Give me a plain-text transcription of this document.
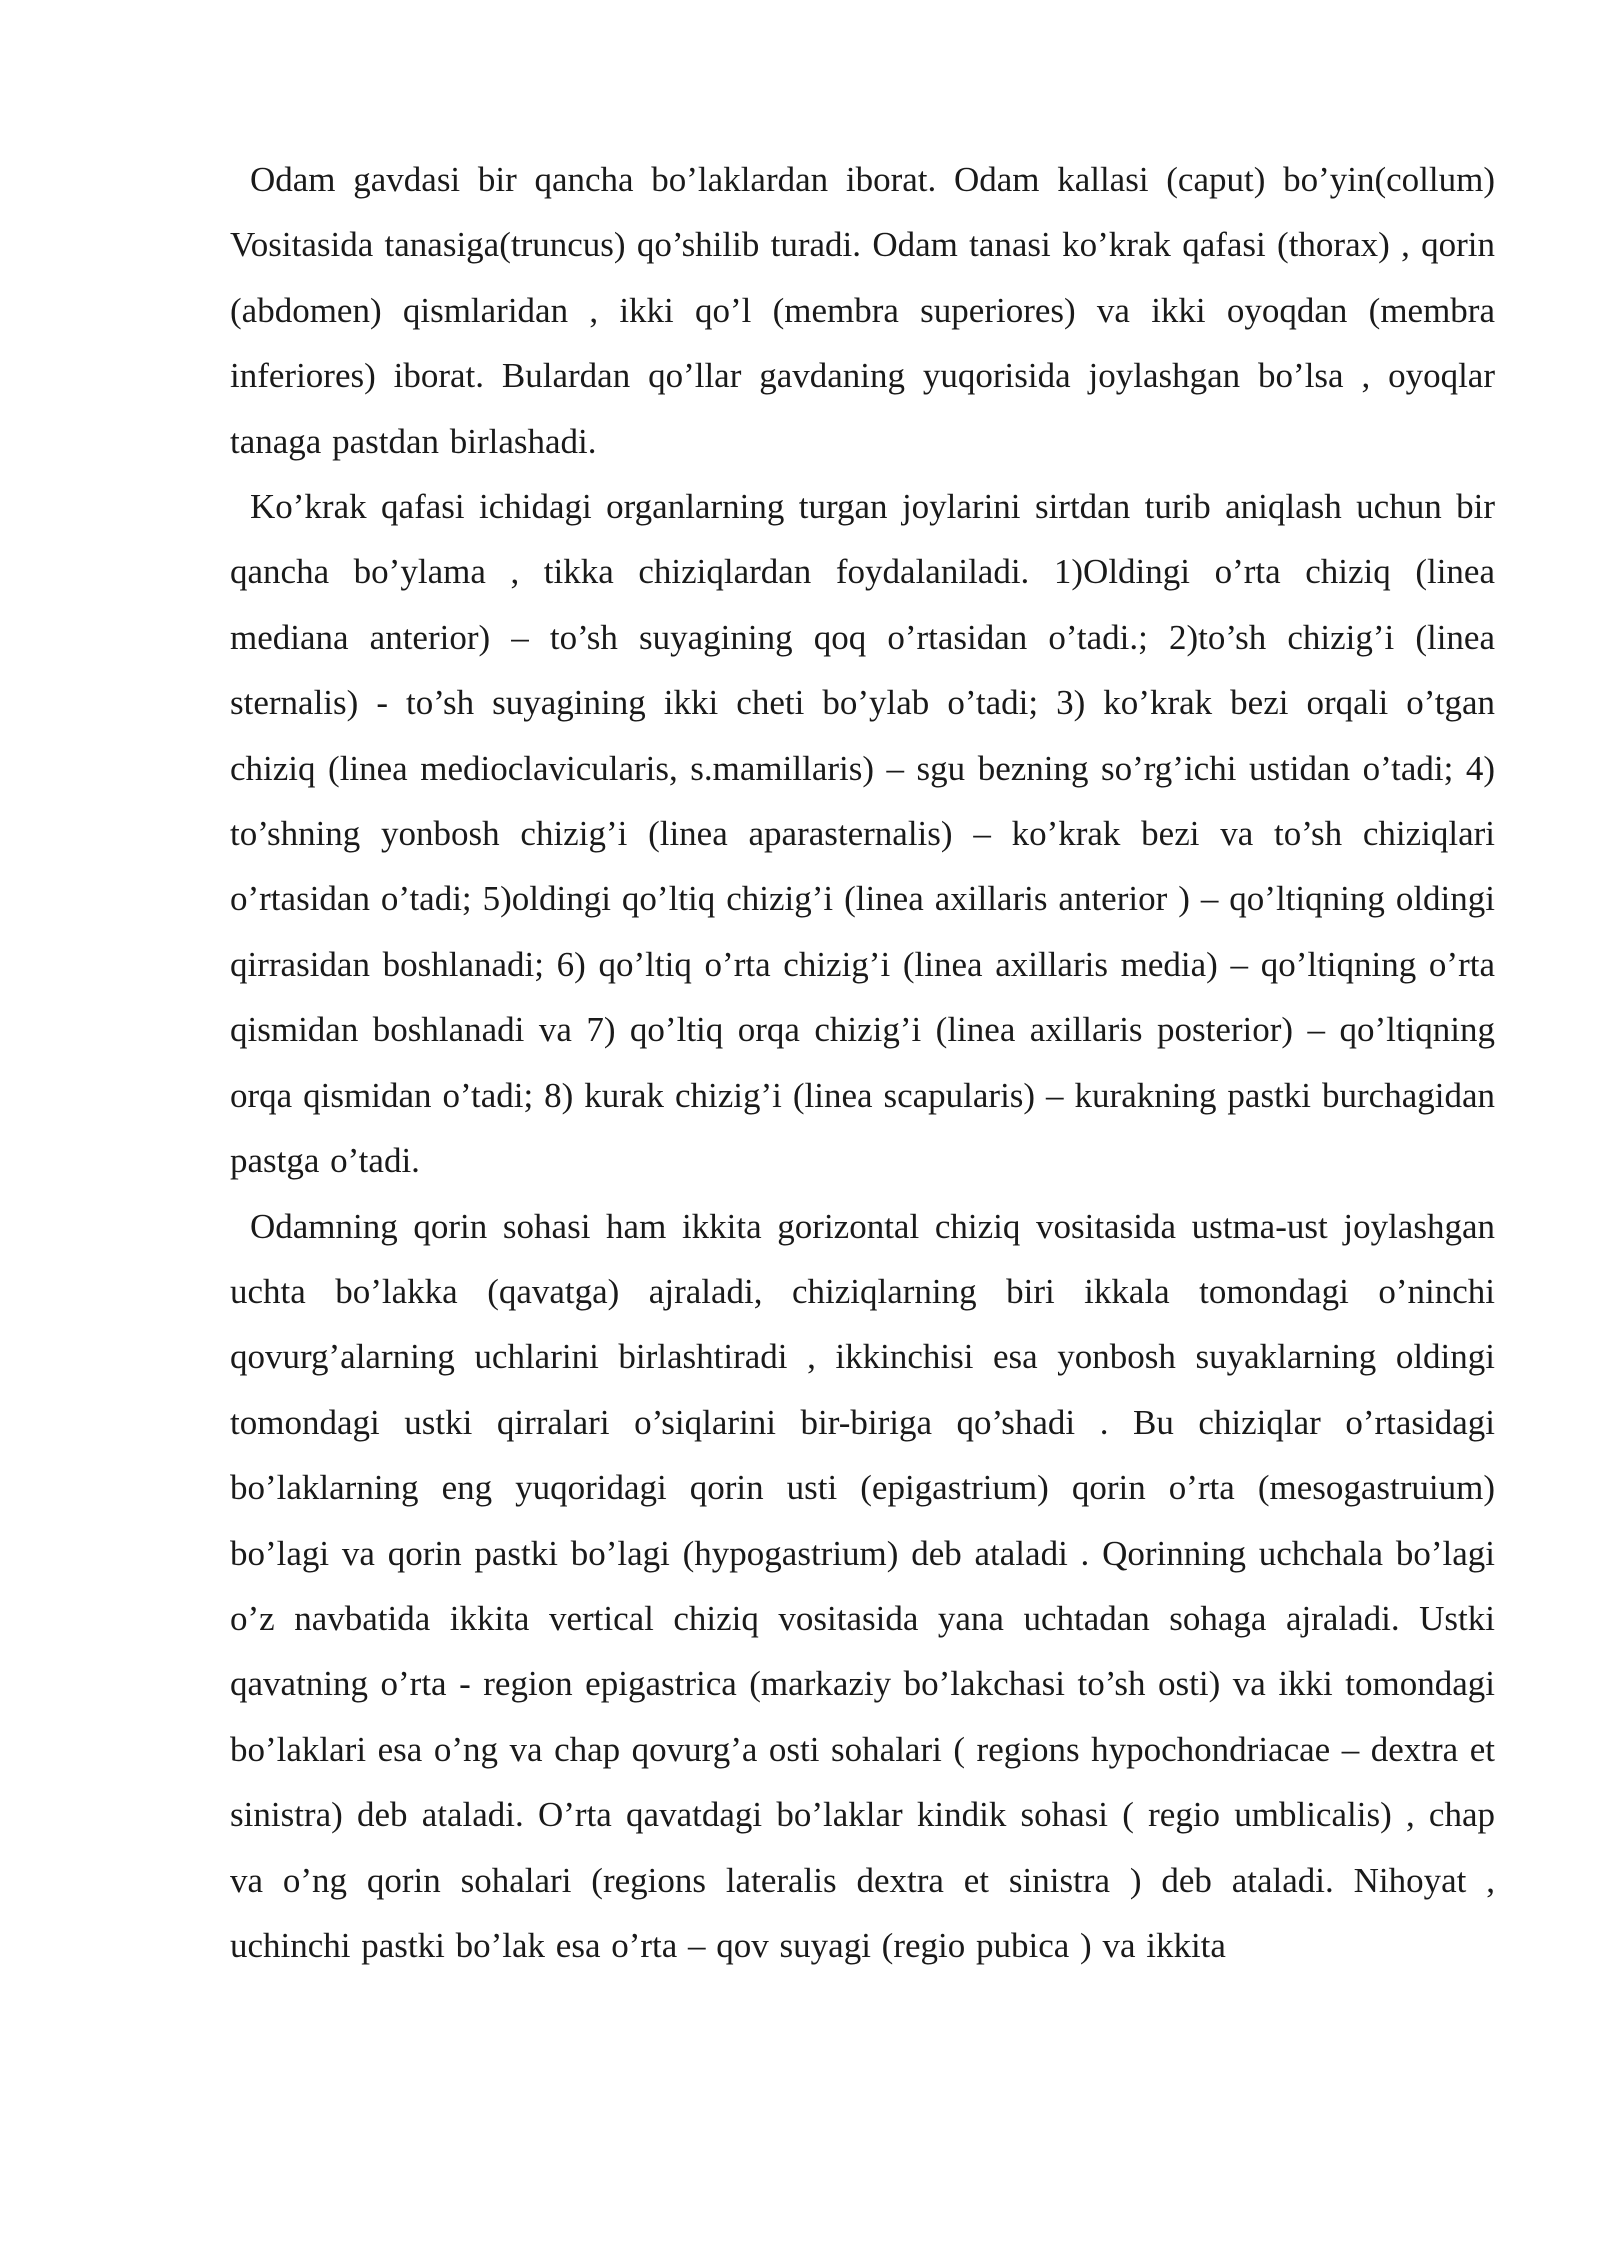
Odam gavdasi bir qancha bo’laklardan iborat. Odam kallasi (caput) bo’yin(collum) Vositasida tanasiga(truncus) qo’shilib turadi. Odam tanasi ko’krak qafasi (thorax) , qorin (abdomen) qismlaridan , ikki qo’l (membra superiores) va ikki oyoqdan (membra inferiores) iborat. Bulardan qo’llar gavdaning yuqorisida joylashgan bo’lsa , oyoqlar tanaga pastdan birlashadi.

Ko’krak qafasi ichidagi organlarning turgan joylarini sirtdan turib aniqlash uchun bir qancha bo’ylama , tikka chiziqlardan foydalaniladi. 1)Oldingi o’rta chiziq (linea mediana anterior) – to’sh suyagining qoq o’rtasidan o’tadi.; 2)to’sh chizig’i (linea sternalis) - to’sh suyagining ikki cheti bo’ylab o’tadi; 3) ko’krak bezi orqali o’tgan chiziq (linea medioclavicularis, s.mamillaris) – sgu bezning so’rg’ichi ustidan o’tadi; 4) to’shning yonbosh chizig’i (linea aparasternalis) – ko’krak bezi va to’sh chiziqlari o’rtasidan o’tadi; 5)oldingi qo’ltiq chizig’i (linea axillaris anterior ) – qo’ltiqning oldingi qirrasidan boshlanadi; 6) qo’ltiq o’rta chizig’i (linea axillaris media) – qo’ltiqning o’rta qismidan boshlanadi va 7) qo’ltiq orqa chizig’i (linea axillaris posterior) – qo’ltiqning orqa qismidan o’tadi; 8) kurak chizig’i (linea scapularis) – kurakning pastki burchagidan pastga o’tadi.

Odamning qorin sohasi ham ikkita gorizontal chiziq vositasida ustma-ust joylashgan uchta bo’lakka (qavatga) ajraladi, chiziqlarning biri ikkala tomondagi o’ninchi qovurg’alarning uchlarini birlashtiradi , ikkinchisi esa yonbosh suyaklarning oldingi tomondagi ustki qirralari o’siqlarini bir-biriga qo’shadi . Bu chiziqlar o’rtasidagi bo’laklarning eng yuqoridagi qorin usti (epigastrium) qorin o’rta (mesogastruium) bo’lagi va qorin pastki bo’lagi (hypogastrium) deb ataladi . Qorinning uchchala bo’lagi o’z navbatida ikkita vertical chiziq vositasida yana uchtadan sohaga ajraladi. Ustki qavatning o’rta - region epigastrica (markaziy bo’lakchasi to’sh osti) va ikki tomondagi bo’laklari esa o’ng va chap qovurg’a osti sohalari ( regions hypochondriacae – dextra et sinistra) deb ataladi. O’rta qavatdagi bo’laklar kindik sohasi ( regio umblicalis) , chap va o’ng qorin sohalari (regions lateralis dextra et sinistra ) deb ataladi. Nihoyat , uchinchi pastki bo’lak esa o’rta – qov suyagi (regio pubica ) va ikkita
